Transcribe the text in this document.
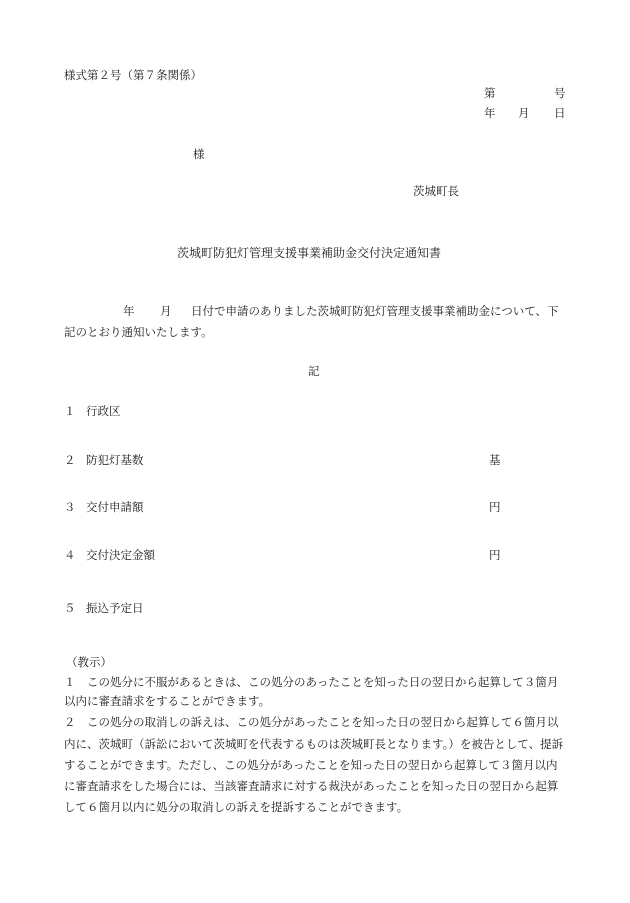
様式第２号（第７条関係）
第	号
年 月 日
様
茨城町長
茨城町防犯灯管理支援事業補助金交付決定通知書
年 月 日付で申請のありました茨城町防犯灯管理支援事業補助金について、下
記のとおり通知いたします。
記
１ 行政区
２ 防犯灯基数	基
３ 交付申請額	円
４ 交付決定金額	円
５ 振込予定日
（教示）
１　この処分に不服があるときは、この処分のあったことを知った日の翌日から起算して３箇月
以内に審査請求をすることができます。
２　この処分の取消しの訴えは、この処分があったことを知った日の翌日から起算して６箇月以
内に、茨城町（訴訟において茨城町を代表するものは茨城町長となります。）を被告として、提訴
することができます。ただし、この処分があったことを知った日の翌日から起算して３箇月以内
に審査請求をした場合には、当該審査請求に対する裁決があったことを知った日の翌日から起算
して６箇月以内に処分の取消しの訴えを提訴することができます。
